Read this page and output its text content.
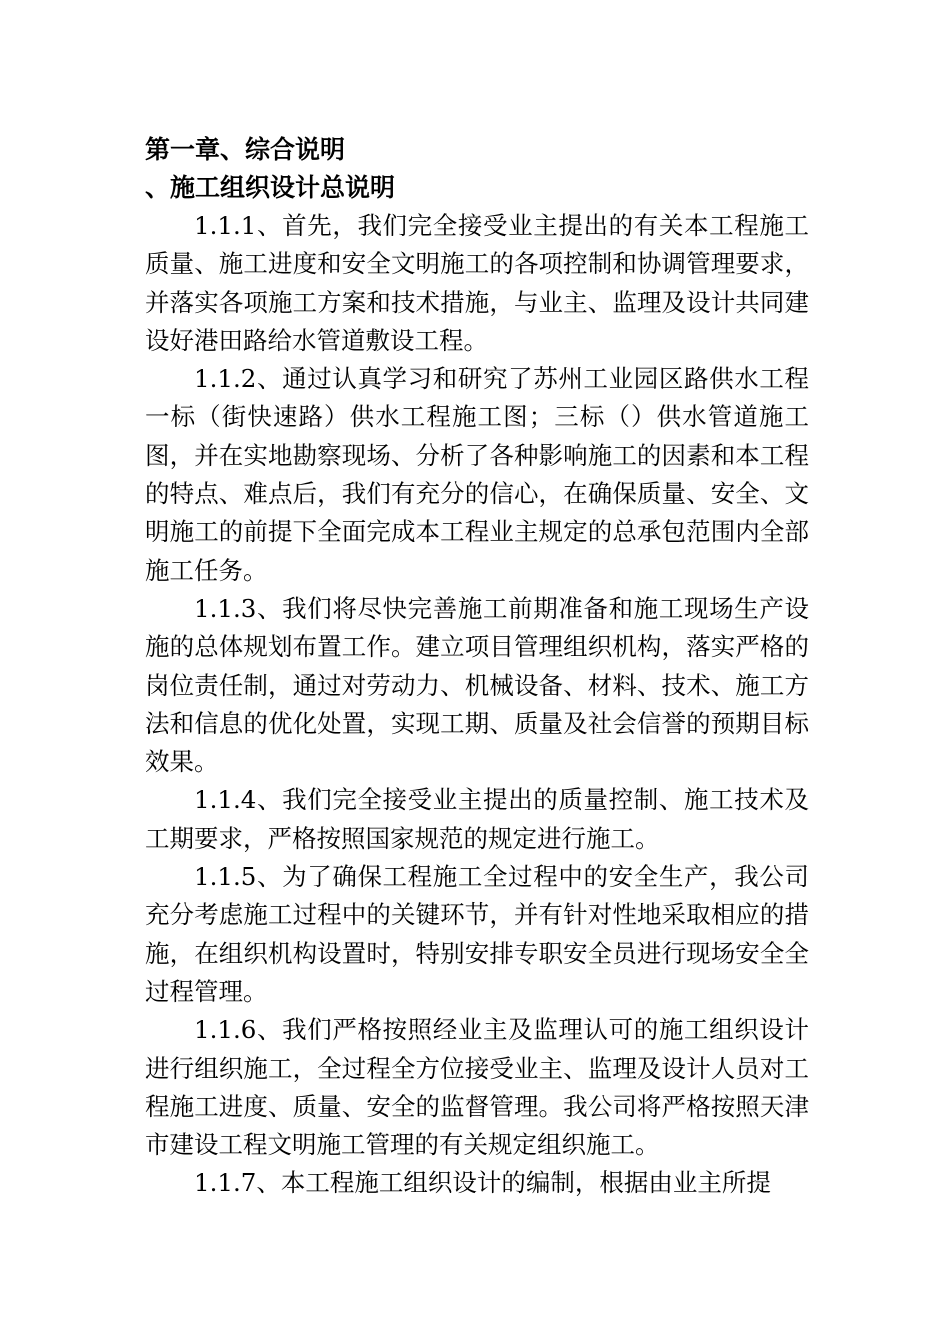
第一章、综合说明
、施工组织设计总说明

1.1.1、首先，我们完全接受业主提出的有关本工程施工质量、施工进度和安全文明施工的各项控制和协调管理要求，并落实各项施工方案和技术措施，与业主、监理及设计共同建设好港田路给水管道敷设工程。

1.1.2、通过认真学习和研究了苏州工业园区路供水工程一标（街快速路）供水工程施工图；三标（）供水管道施工图，并在实地勘察现场、分析了各种影响施工的因素和本工程的特点、难点后，我们有充分的信心，在确保质量、安全、文明施工的前提下全面完成本工程业主规定的总承包范围内全部施工任务。

1.1.3、我们将尽快完善施工前期准备和施工现场生产设施的总体规划布置工作。建立项目管理组织机构，落实严格的岗位责任制，通过对劳动力、机械设备、材料、技术、施工方法和信息的优化处置，实现工期、质量及社会信誉的预期目标效果。

1.1.4、我们完全接受业主提出的质量控制、施工技术及工期要求，严格按照国家规范的规定进行施工。

1.1.5、为了确保工程施工全过程中的安全生产，我公司充分考虑施工过程中的关键环节，并有针对性地采取相应的措施，在组织机构设置时，特别安排专职安全员进行现场安全全过程管理。

1.1.6、我们严格按照经业主及监理认可的施工组织设计进行组织施工，全过程全方位接受业主、监理及设计人员对工程施工进度、质量、安全的监督管理。我公司将严格按照天津市建设工程文明施工管理的有关规定组织施工。

1.1.7、本工程施工组织设计的编制，根据由业主所提
